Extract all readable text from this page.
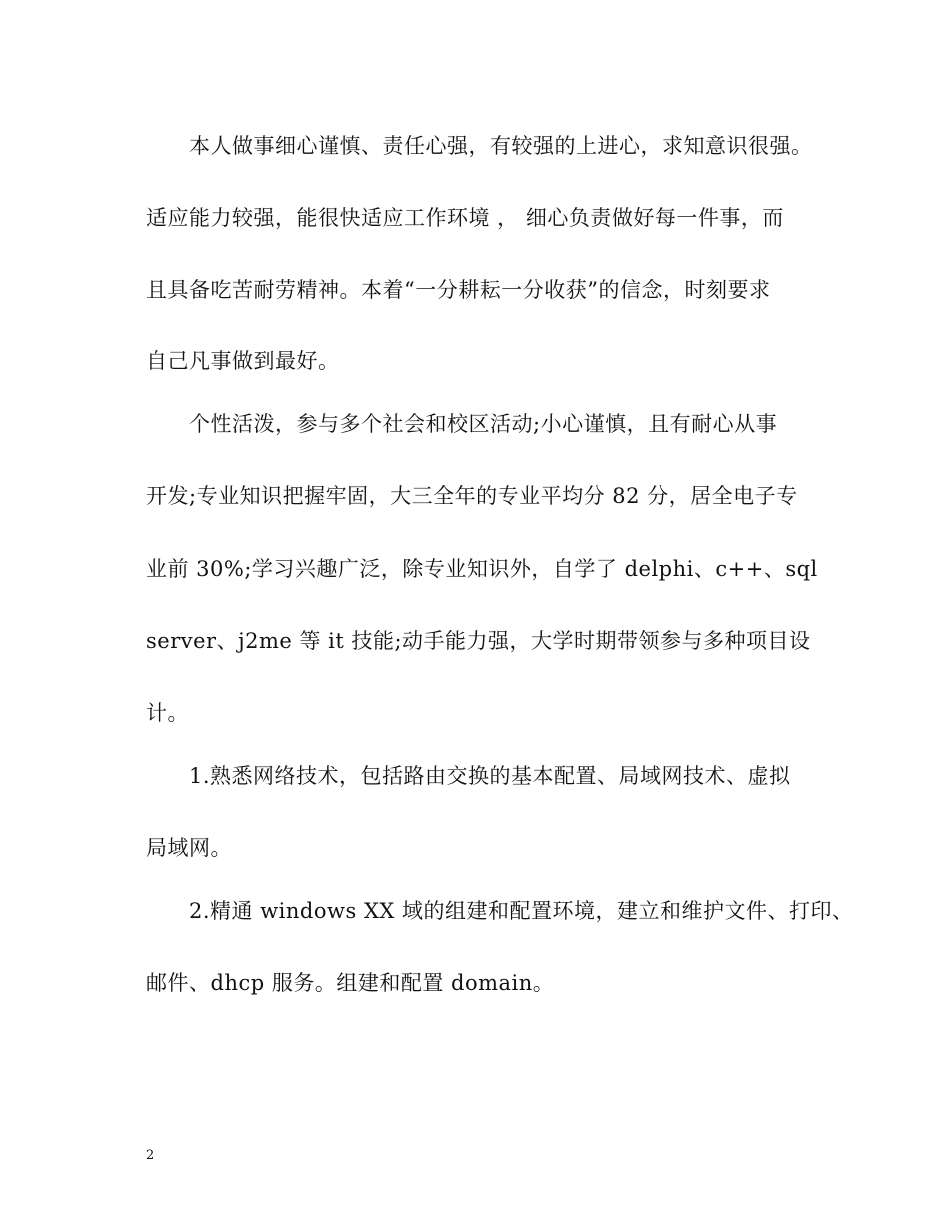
本人做事细心谨慎、责任心强，有较强的上进心，求知意识很强。
适应能力较强，能很快适应工作环境 ， 细心负责做好每一件事，而
且具备吃苦耐劳精神。本着“一分耕耘一分收获”的信念，时刻要求
自己凡事做到最好。
个性活泼，参与多个社会和校区活动;小心谨慎，且有耐心从事
开发;专业知识把握牢固，大三全年的专业平均分 82 分，居全电子专
业前 30%;学习兴趣广泛，除专业知识外，自学了 delphi、c++、sql
server、j2me 等 it 技能;动手能力强，大学时期带领参与多种项目设
计。
1.熟悉网络技术，包括路由交换的基本配置、局域网技术、虚拟
局域网。
2.精通 windows XX 域的组建和配置环境，建立和维护文件、打印、
邮件、dhcp 服务。组建和配置 domain。
2
